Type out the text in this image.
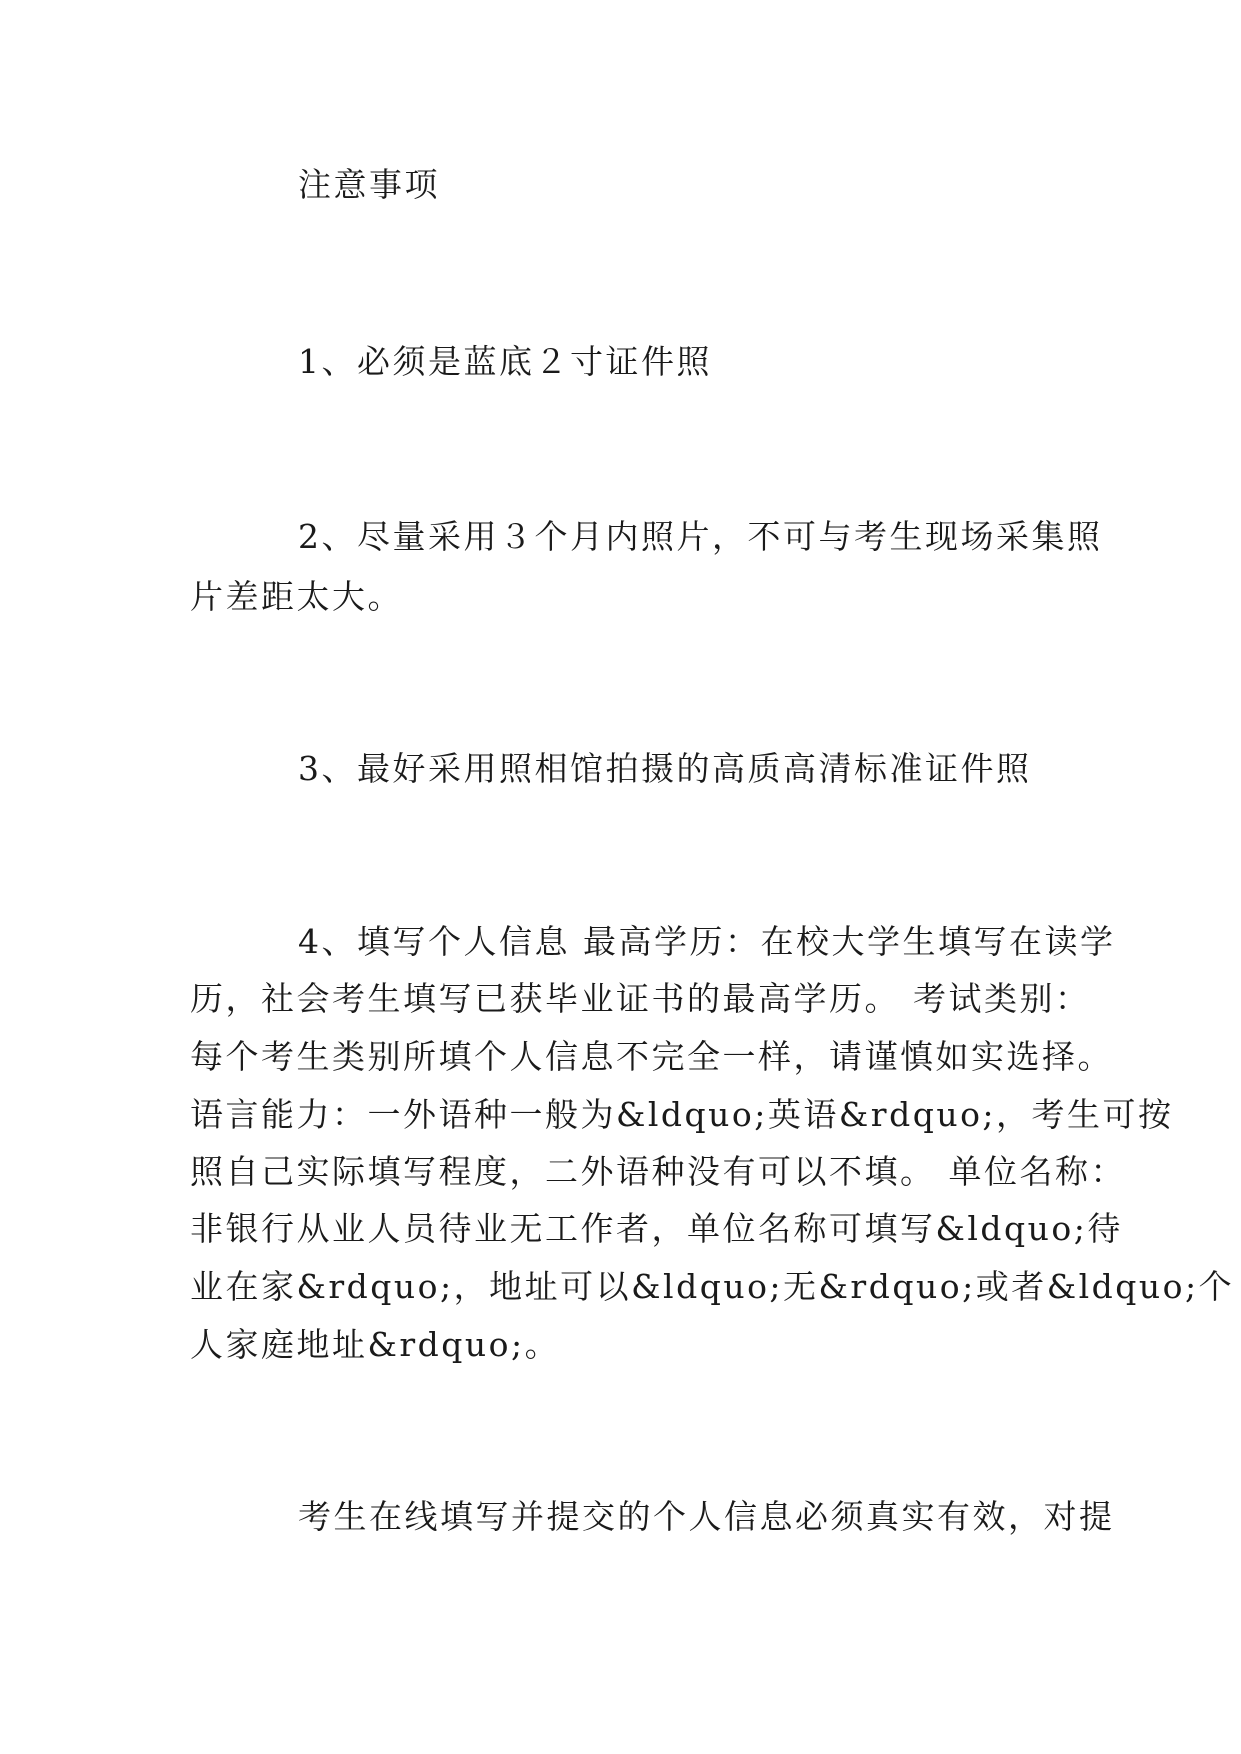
注意事项
1、必须是蓝底２寸证件照
2、尽量采用３个月内照片，不可与考生现场采集照
片差距太大。
3、最好采用照相馆拍摄的高质高清标准证件照
4、填写个人信息 最高学历：在校大学生填写在读学
历，社会考生填写已获毕业证书的最高学历。 考试类别：
每个考生类别所填个人信息不完全一样，请谨慎如实选择。
语言能力：一外语种一般为&ldquo;英语&rdquo;，考生可按
照自己实际填写程度，二外语种没有可以不填。 单位名称：
非银行从业人员待业无工作者，单位名称可填写&ldquo;待
业在家&rdquo;，地址可以&ldquo;无&rdquo;或者&ldquo;个
人家庭地址&rdquo;。
考生在线填写并提交的个人信息必须真实有效，对提
